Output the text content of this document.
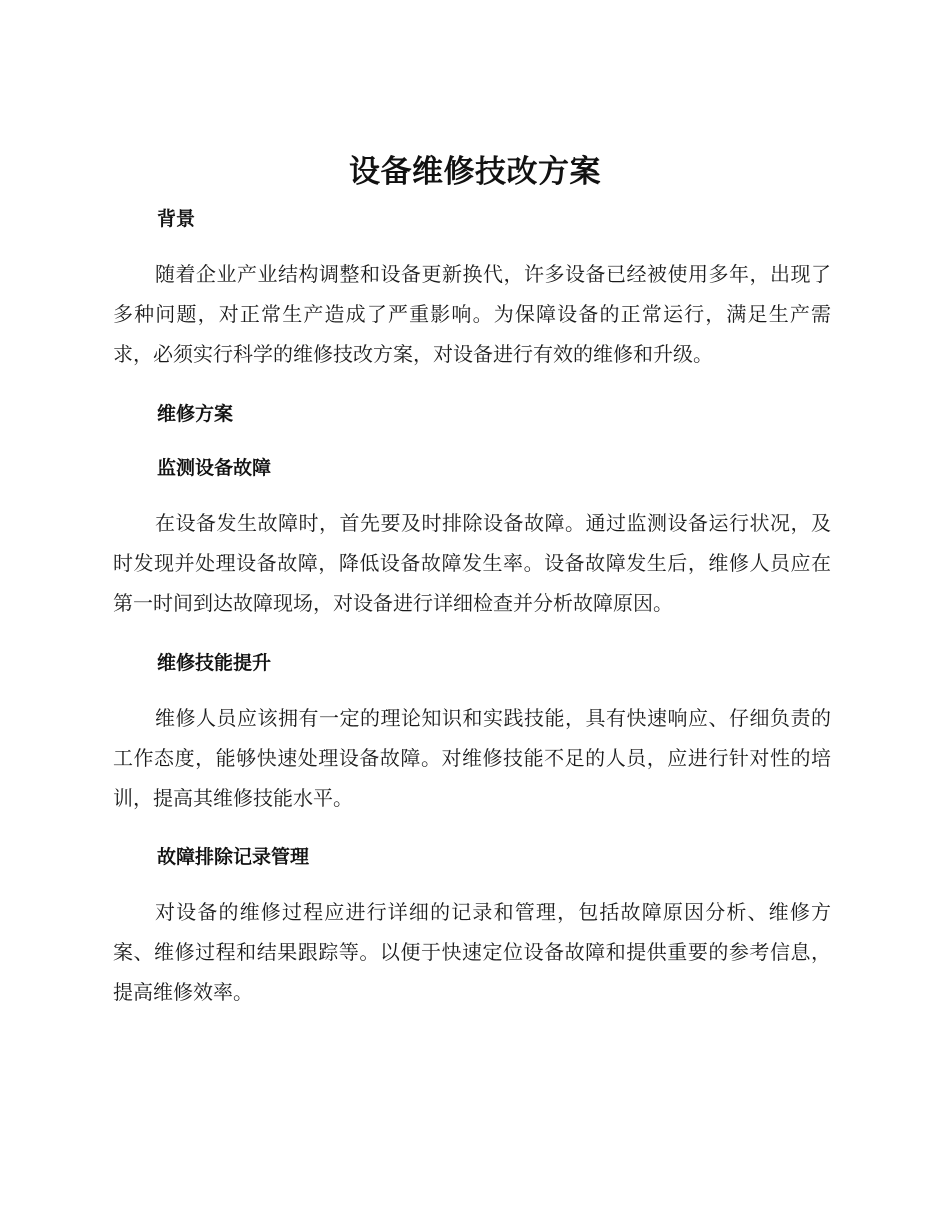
设备维修技改方案
背景

随着企业产业结构调整和设备更新换代，许多设备已经被使用多年，出现了多种问题，对正常生产造成了严重影响。为保障设备的正常运行，满足生产需求，必须实行科学的维修技改方案，对设备进行有效的维修和升级。

维修方案
监测设备故障

在设备发生故障时，首先要及时排除设备故障。通过监测设备运行状况，及时发现并处理设备故障，降低设备故障发生率。设备故障发生后，维修人员应在第一时间到达故障现场，对设备进行详细检查并分析故障原因。

维修技能提升

维修人员应该拥有一定的理论知识和实践技能，具有快速响应、仔细负责的工作态度，能够快速处理设备故障。对维修技能不足的人员，应进行针对性的培训，提高其维修技能水平。

故障排除记录管理

对设备的维修过程应进行详细的记录和管理，包括故障原因分析、维修方案、维修过程和结果跟踪等。以便于快速定位设备故障和提供重要的参考信息，提高维修效率。
